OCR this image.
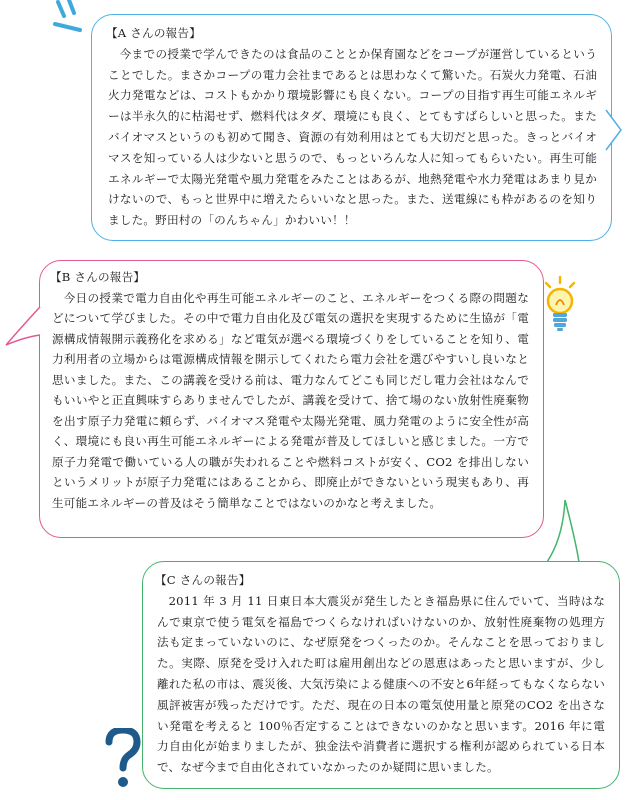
【A さんの報告】
今までの授業で学んできたのは食品のこととか保育園などをコープが運営しているということでした。まさかコープの電力会社まであるとは思わなくて驚いた。石炭火力発電、石油火力発電などは、コストもかかり環境影響にも良くない。コープの目指す再生可能エネルギーは半永久的に枯渇せず、燃料代はタダ、環境にも良く、とてもすばらしいと思った。またバイオマスというのも初めて聞き、資源の有効利用はとても大切だと思った。きっとバイオマスを知っている人は少ないと思うので、もっといろんな人に知ってもらいたい。再生可能エネルギーで太陽光発電や風力発電をみたことはあるが、地熱発電や水力発電はあまり見かけないので、もっと世界中に増えたらいいなと思った。また、送電線にも枠があるのを知りました。野田村の「のんちゃん」かわいい！！
【B さんの報告】
今日の授業で電力自由化や再生可能エネルギーのこと、エネルギーをつくる際の問題などについて学びました。その中で電力自由化及び電気の選択を実現するために生協が「電源構成情報開示義務化を求める」など電気が選べる環境づくりをしていることを知り、電力利用者の立場からは電源構成情報を開示してくれたら電力会社を選びやすいし良いなと思いました。また、この講義を受ける前は、電力なんてどこも同じだし電力会社はなんでもいいやと正直興味すらありませんでしたが、講義を受けて、捨て場のない放射性廃棄物を出す原子力発電に頼らず、バイオマス発電や太陽光発電、風力発電のように安全性が高く、環境にも良い再生可能エネルギーによる発電が普及してほしいと感じました。一方で原子力発電で働いている人の職が失われることや燃料コストが安く、CO2 を排出しないというメリットが原子力発電にはあることから、即廃止ができないという現実もあり、再生可能エネルギーの普及はそう簡単なことではないのかなと考えました。
【C さんの報告】
2011 年 3 月 11 日東日本大震災が発生したとき福島県に住んでいて、当時はなんで東京で使う電気を福島でつくらなければいけないのか、放射性廃棄物の処理方法も定まっていないのに、なぜ原発をつくったのか。そんなことを思っておりました。実際、原発を受け入れた町は雇用創出などの恩恵はあったと思いますが、少し離れた私の市は、震災後、大気汚染による健康への不安と6年経ってもなくならない風評被害が残っただけです。ただ、現在の日本の電気使用量と原発のCO2 を出さない発電を考えると 100％否定することはできないのかなと思います。2016 年に電力自由化が始まりましたが、独金法や消費者に選択する権利が認められている日本で、なぜ今まで自由化されていなかったのか疑問に思いました。
